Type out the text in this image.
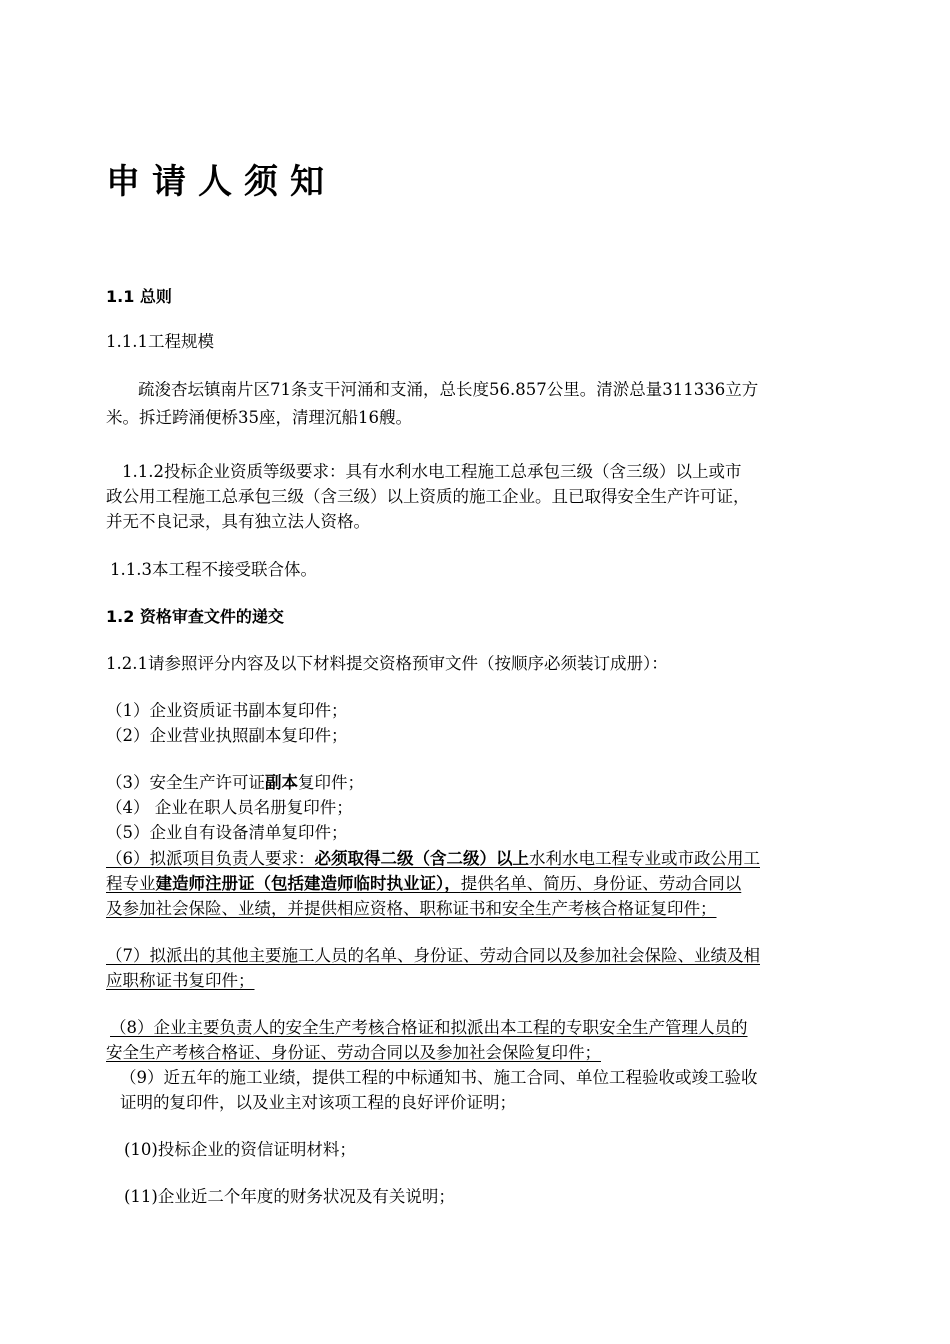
申请人须知

1.1 总则

1.1.1工程规模

疏浚杏坛镇南片区71条支干河涌和支涌，总长度56.857公里。清淤总量311336立方

米。拆迁跨涌便桥35座，清理沉船16艘。

1.1.2投标企业资质等级要求：具有水利水电工程施工总承包三级（含三级）以上或市

政公用工程施工总承包三级（含三级）以上资质的施工企业。且已取得安全生产许可证，

并无不良记录，具有独立法人资格。

1.1.3本工程不接受联合体。

1.2 资格审查文件的递交

1.2.1请参照评分内容及以下材料提交资格预审文件（按顺序必须装订成册）：

（1）企业资质证书副本复印件；

（2）企业营业执照副本复印件；

（3）安全生产许可证副本复印件；

（4） 企业在职人员名册复印件；

（5）企业自有设备清单复印件；

（6）拟派项目负责人要求：必须取得二级（含二级）以上水利水电工程专业或市政公用工

程专业建造师注册证（包括建造师临时执业证），提供名单、简历、身份证、劳动合同以

及参加社会保险、业绩，并提供相应资格、职称证书和安全生产考核合格证复印件；

（7）拟派出的其他主要施工人员的名单、身份证、劳动合同以及参加社会保险、业绩及相

应职称证书复印件；

（8）企业主要负责人的安全生产考核合格证和拟派出本工程的专职安全生产管理人员的

安全生产考核合格证、身份证、劳动合同以及参加社会保险复印件；

（9）近五年的施工业绩，提供工程的中标通知书、施工合同、单位工程验收或竣工验收

证明的复印件，以及业主对该项工程的良好评价证明；

(10)投标企业的资信证明材料；

(11)企业近二个年度的财务状况及有关说明；
